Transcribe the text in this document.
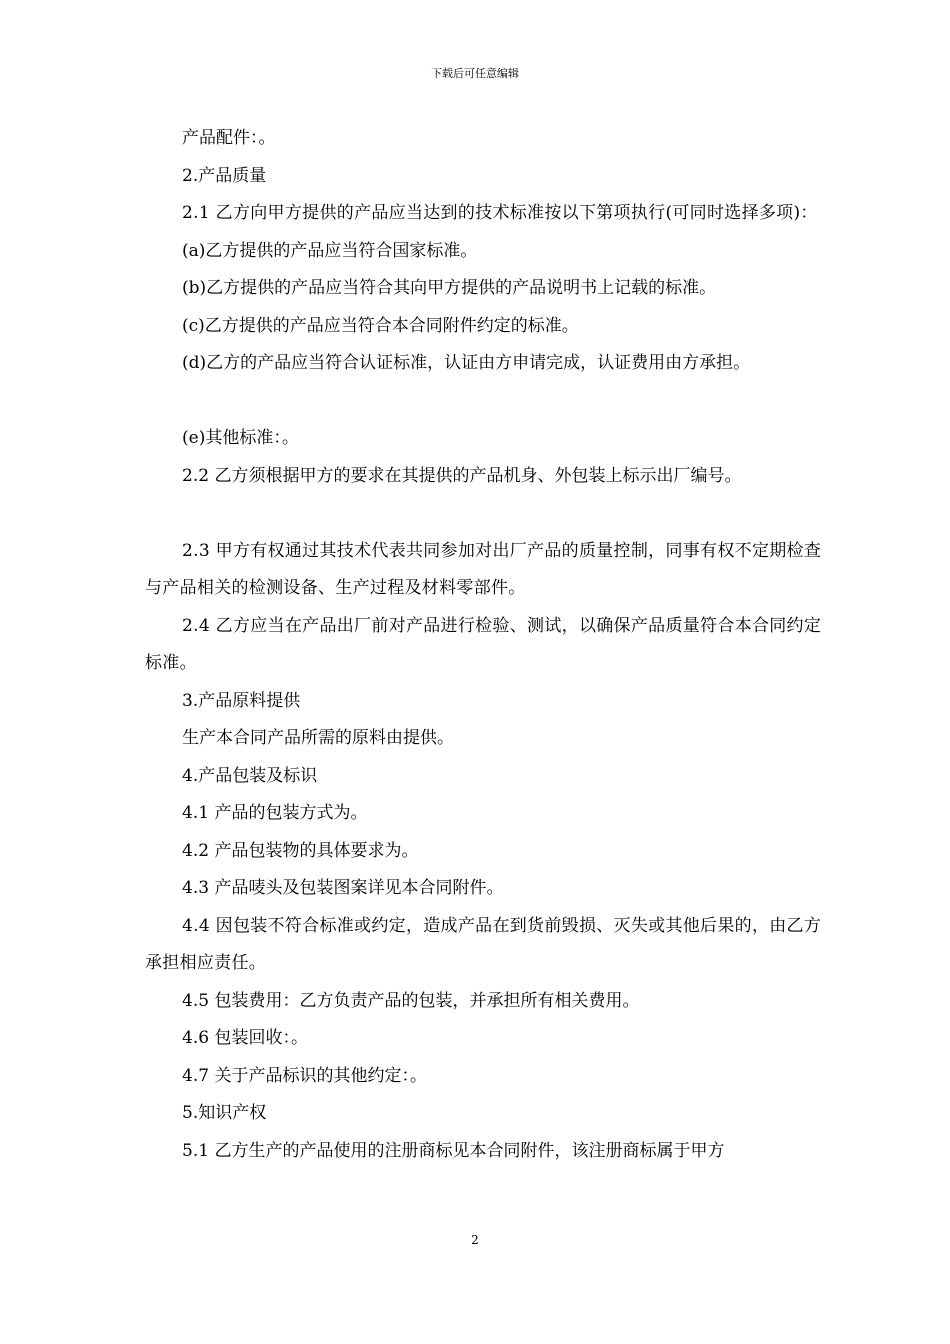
下载后可任意编辑

产品配件：。

2.产品质量

2.1 乙方向甲方提供的产品应当达到的技术标准按以下第项执行(可同时选择多项)：

(a)乙方提供的产品应当符合国家标准。

(b)乙方提供的产品应当符合其向甲方提供的产品说明书上记载的标准。

(c)乙方提供的产品应当符合本合同附件约定的标准。

(d)乙方的产品应当符合认证标准，认证由方申请完成，认证费用由方承担。

(e)其他标准：。

2.2 乙方须根据甲方的要求在其提供的产品机身、外包装上标示出厂编号。

2.3 甲方有权通过其技术代表共同参加对出厂产品的质量控制，同事有权不定期检查与产品相关的检测设备、生产过程及材料零部件。

2.4 乙方应当在产品出厂前对产品进行检验、测试，以确保产品质量符合本合同约定标准。

3.产品原料提供

生产本合同产品所需的原料由提供。

4.产品包装及标识

4.1 产品的包装方式为。

4.2 产品包装物的具体要求为。

4.3 产品唛头及包装图案详见本合同附件。

4.4 因包装不符合标准或约定，造成产品在到货前毁损、灭失或其他后果的，由乙方承担相应责任。

4.5 包装费用：乙方负责产品的包装，并承担所有相关费用。

4.6 包装回收：。

4.7 关于产品标识的其他约定：。

5.知识产权

5.1 乙方生产的产品使用的注册商标见本合同附件，该注册商标属于甲方

2
